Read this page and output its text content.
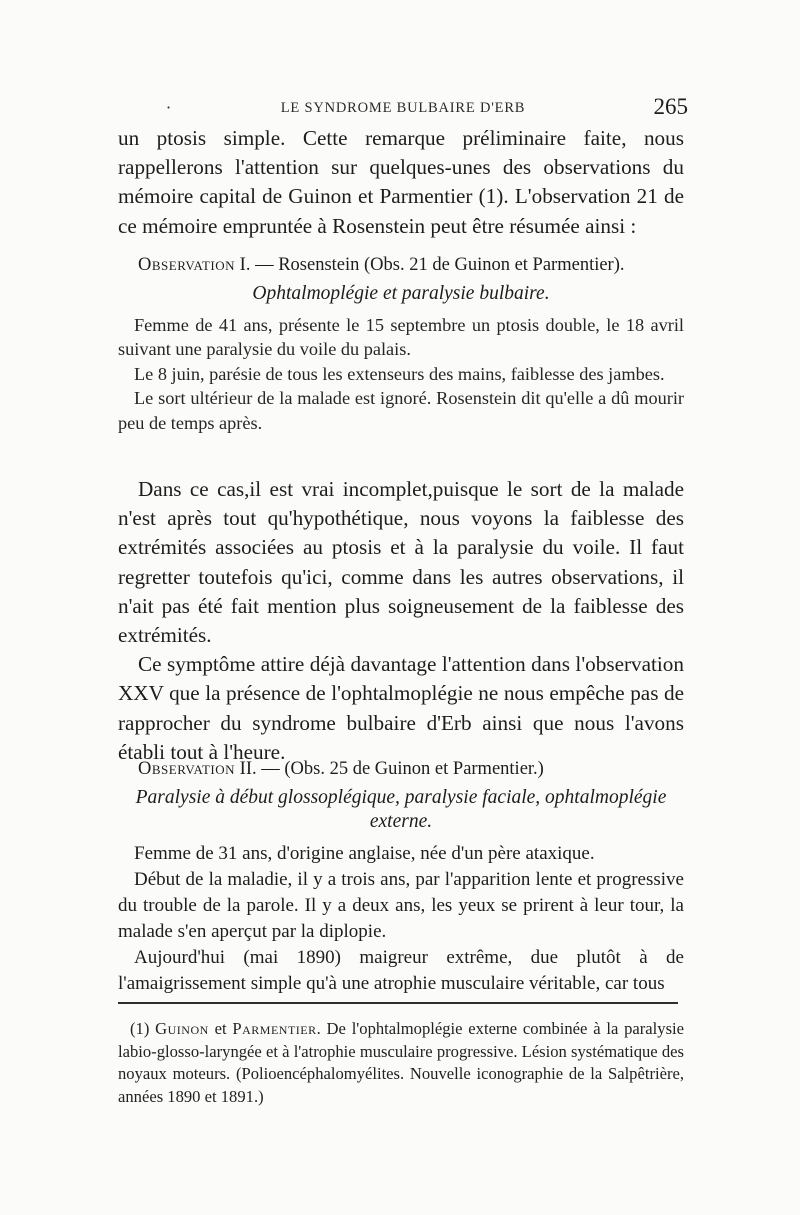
·	LE SYNDROME BULBAIRE D'ERB	265

un ptosis simple. Cette remarque préliminaire faite, nous rappellerons l'attention sur quelques-unes des observations du mémoire capital de Guinon et Parmentier (1). L'observation 21 de ce mémoire empruntée à Rosenstein peut être résumée ainsi :

Observation I. — Rosenstein (Obs. 21 de Guinon et Parmentier).
Ophtalmoplégie et paralysie bulbaire.

Femme de 41 ans, présente le 15 septembre un ptosis double, le 18 avril suivant une paralysie du voile du palais.

Le 8 juin, parésie de tous les extenseurs des mains, faiblesse des jambes.

Le sort ultérieur de la malade est ignoré. Rosenstein dit qu'elle a dû mourir peu de temps après.

Dans ce cas,il est vrai incomplet,puisque le sort de la malade n'est après tout qu'hypothétique, nous voyons la faiblesse des extrémités associées au ptosis et à la paralysie du voile. Il faut regretter toutefois qu'ici, comme dans les autres observations, il n'ait pas été fait mention plus soigneusement de la faiblesse des extrémités.

Ce symptôme attire déjà davantage l'attention dans l'observation XXV que la présence de l'ophtalmoplégie ne nous empêche pas de rapprocher du syndrome bulbaire d'Erb ainsi que nous l'avons établi tout à l'heure.

Observation II. — (Obs. 25 de Guinon et Parmentier.)
Paralysie à début glossoplégique, paralysie faciale, ophtalmoplégie externe.

Femme de 31 ans, d'origine anglaise, née d'un père ataxique.

Début de la maladie, il y a trois ans, par l'apparition lente et progressive du trouble de la parole. Il y a deux ans, les yeux se prirent à leur tour, la malade s'en aperçut par la diplopie.

Aujourd'hui (mai 1890) maigreur extrême, due plutôt à de l'amaigrissement simple qu'à une atrophie musculaire véritable, car tous

(1) Guinon et Parmentier. De l'ophtalmoplégie externe combinée à la paralysie labio-glosso-laryngée et à l'atrophie musculaire progressive. Lésion systématique des noyaux moteurs. (Polioencéphalomyélites. Nouvelle iconographie de la Salpêtrière, années 1890 et 1891.)
